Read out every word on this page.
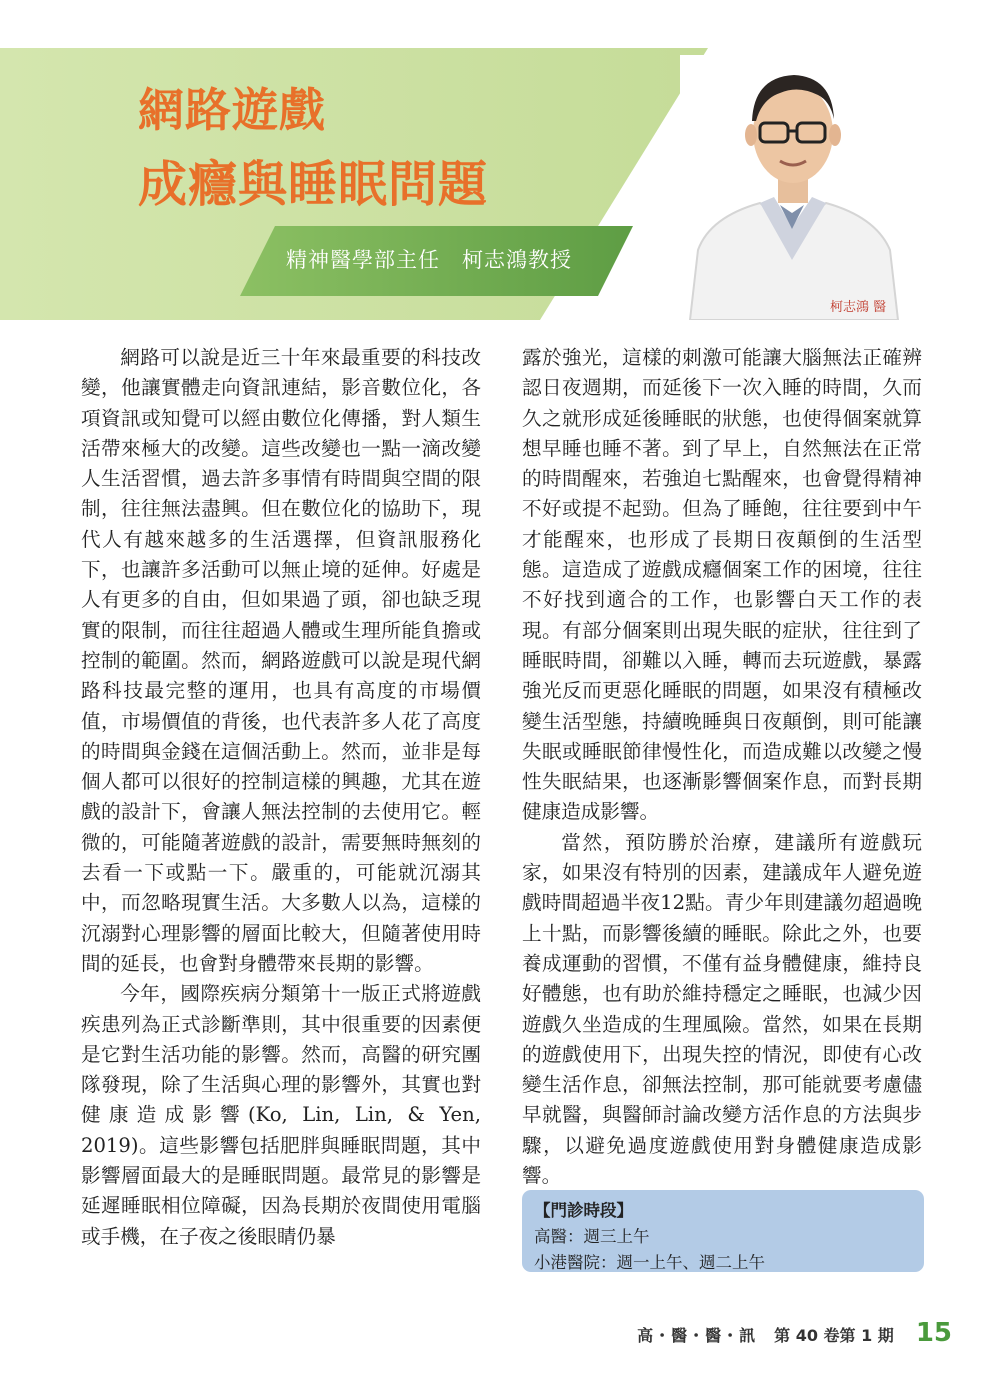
網路遊戲
成癮與睡眠問題
精神醫學部主任　柯志鴻教授
柯志鴻 醫

網路可以說是近三十年來最重要的科技改變，他讓實體走向資訊連結，影音數位化，各項資訊或知覺可以經由數位化傳播，對人類生活帶來極大的改變。這些改變也一點一滴改變人生活習慣，過去許多事情有時間與空間的限制，往往無法盡興。但在數位化的協助下，現代人有越來越多的生活選擇，但資訊服務化下，也讓許多活動可以無止境的延伸。好處是人有更多的自由，但如果過了頭，卻也缺乏現實的限制，而往往超過人體或生理所能負擔或控制的範圍。然而，網路遊戲可以說是現代網路科技最完整的運用，也具有高度的市場價值，市場價值的背後，也代表許多人花了高度的時間與金錢在這個活動上。然而，並非是每個人都可以很好的控制這樣的興趣，尤其在遊戲的設計下，會讓人無法控制的去使用它。輕微的，可能隨著遊戲的設計，需要無時無刻的去看一下或點一下。嚴重的，可能就沉溺其中，而忽略現實生活。大多數人以為，這樣的沉溺對心理影響的層面比較大，但隨著使用時間的延長，也會對身體帶來長期的影響。

今年，國際疾病分類第十一版正式將遊戲疾患列為正式診斷準則，其中很重要的因素便是它對生活功能的影響。然而，高醫的研究團隊發現，除了生活與心理的影響外，其實也對健康造成影響(Ko, Lin, Lin, & Yen, 2019)。這些影響包括肥胖與睡眠問題，其中影響層面最大的是睡眠問題。最常見的影響是延遲睡眠相位障礙，因為長期於夜間使用電腦或手機，在子夜之後眼睛仍暴

露於強光，這樣的刺激可能讓大腦無法正確辨認日夜週期，而延後下一次入睡的時間，久而久之就形成延後睡眠的狀態，也使得個案就算想早睡也睡不著。到了早上，自然無法在正常的時間醒來，若強迫七點醒來，也會覺得精神不好或提不起勁。但為了睡飽，往往要到中午才能醒來，也形成了長期日夜顛倒的生活型態。這造成了遊戲成癮個案工作的困境，往往不好找到適合的工作，也影響白天工作的表現。有部分個案則出現失眠的症狀，往往到了睡眠時間，卻難以入睡，轉而去玩遊戲，暴露強光反而更惡化睡眠的問題，如果沒有積極改變生活型態，持續晚睡與日夜顛倒，則可能讓失眠或睡眠節律慢性化，而造成難以改變之慢性失眠結果，也逐漸影響個案作息，而對長期健康造成影響。

當然，預防勝於治療，建議所有遊戲玩家，如果沒有特別的因素，建議成年人避免遊戲時間超過半夜12點。青少年則建議勿超過晚上十點，而影響後續的睡眠。除此之外，也要養成運動的習慣，不僅有益身體健康，維持良好體態，也有助於維持穩定之睡眠，也減少因遊戲久坐造成的生理風險。當然，如果在長期的遊戲使用下，出現失控的情況，即使有心改變生活作息，卻無法控制，那可能就要考慮儘早就醫，與醫師討論改變方活作息的方法與步驟，以避免過度遊戲使用對身體健康造成影響。

【門診時段】
高醫：週三上午
小港醫院：週一上午、週二上午
高・醫・醫・訊 第 40 卷第 1 期 15
